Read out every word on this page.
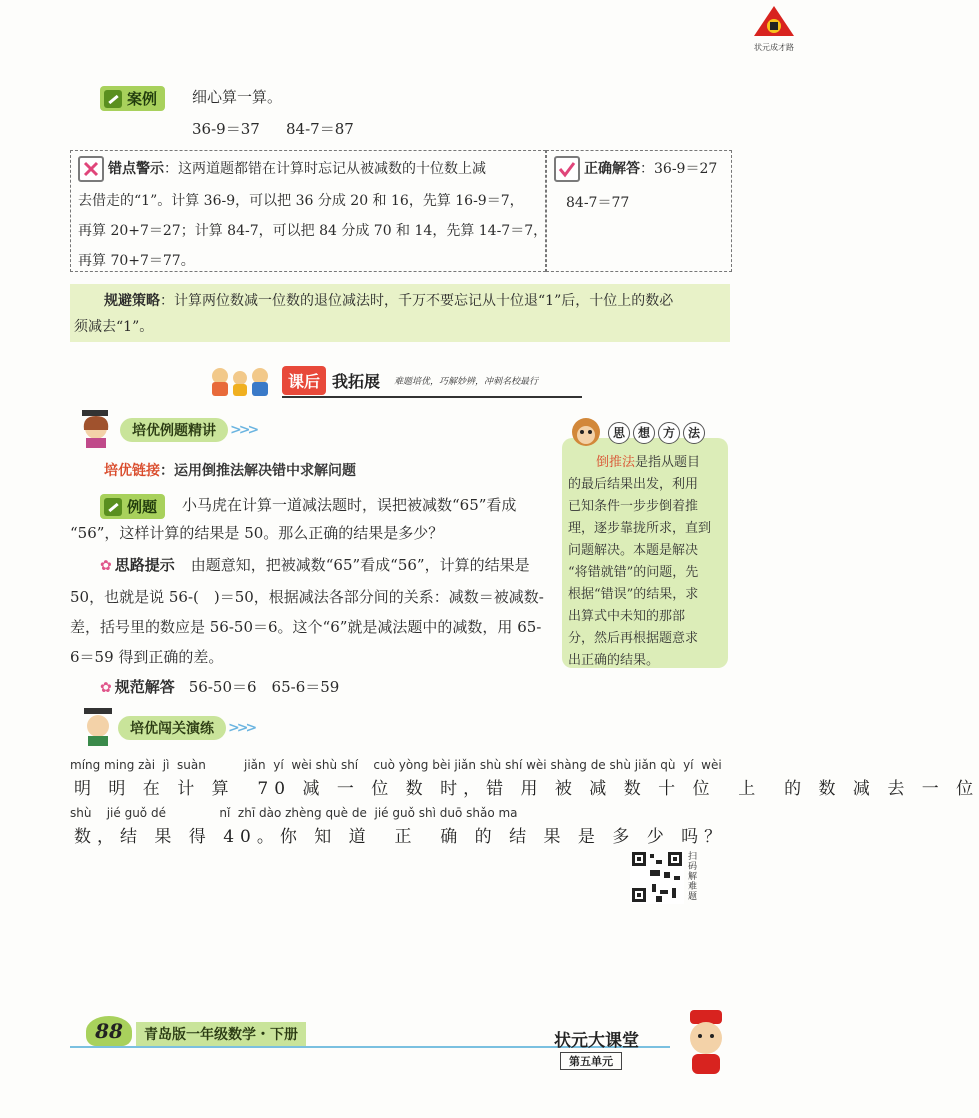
状元成才路
案例 细心算一算。
36-9＝37 84-7＝87
错点警示：这两道题都错在计算时忘记从被减数的十位数上减
去借走的“1”。计算 36-9，可以把 36 分成 20 和 16，先算 16-9＝7，
再算 20+7＝27；计算 84-7，可以把 84 分成 70 和 14，先算 14-7＝7，
再算 70+7＝77。
正确解答：36-9＝27
84-7＝77
规避策略：计算两位数减一位数的退位减法时，千万不要忘记从十位退“1”后，十位上的数必
须减去“1”。
课后 我拓展 难题培优，巧解妙辨，冲刺名校最行
培优例题精讲	>>>
培优链接：运用倒推法解决错中求解问题
例题 小马虎在计算一道减法题时，误把被减数“65”看成
“56”，这样计算的结果是 50。那么正确的结果是多少？
✿ 思路提示 由题意知，把被减数“65”看成“56”，计算的结果是
50，也就是说 56-(　)＝50，根据减法各部分间的关系：减数＝被减数-
差，括号里的数应是 56-50＝6。这个“6”就是减法题中的减数，用 65-
6＝59 得到正确的差。
✿ 规范解答 56-50＝6　65-6＝59
思	想	方	法
倒推法是指从题目
的最后结果出发，利用
已知条件一步步倒着推
理，逐步靠拢所求，直到
问题解决。本题是解决
“将错就错”的问题，先
根据“错误”的结果，求
出算式中未知的那部
分，然后再根据题意求
出正确的结果。
培优闯关演练	>>>
míng ming zài  jì  suàn          jiǎn  yí  wèi shù shí    cuò yòng bèi jiǎn shù shí wèi shàng de shù jiǎn qù  yí  wèi
明 明 在 计 算  70 减 一 位 数 时，错 用 被 减 数 十 位  上  的 数 减 去 一 位
shù    jié guǒ dé              nǐ  zhī dào zhèng què de  jié guǒ shì duō shǎo ma
数，结 果 得 40。你 知 道  正  确 的 结 果 是 多 少 吗？
扫码解难题
88	青岛版一年级数学・下册	状元大课堂
第五单元
